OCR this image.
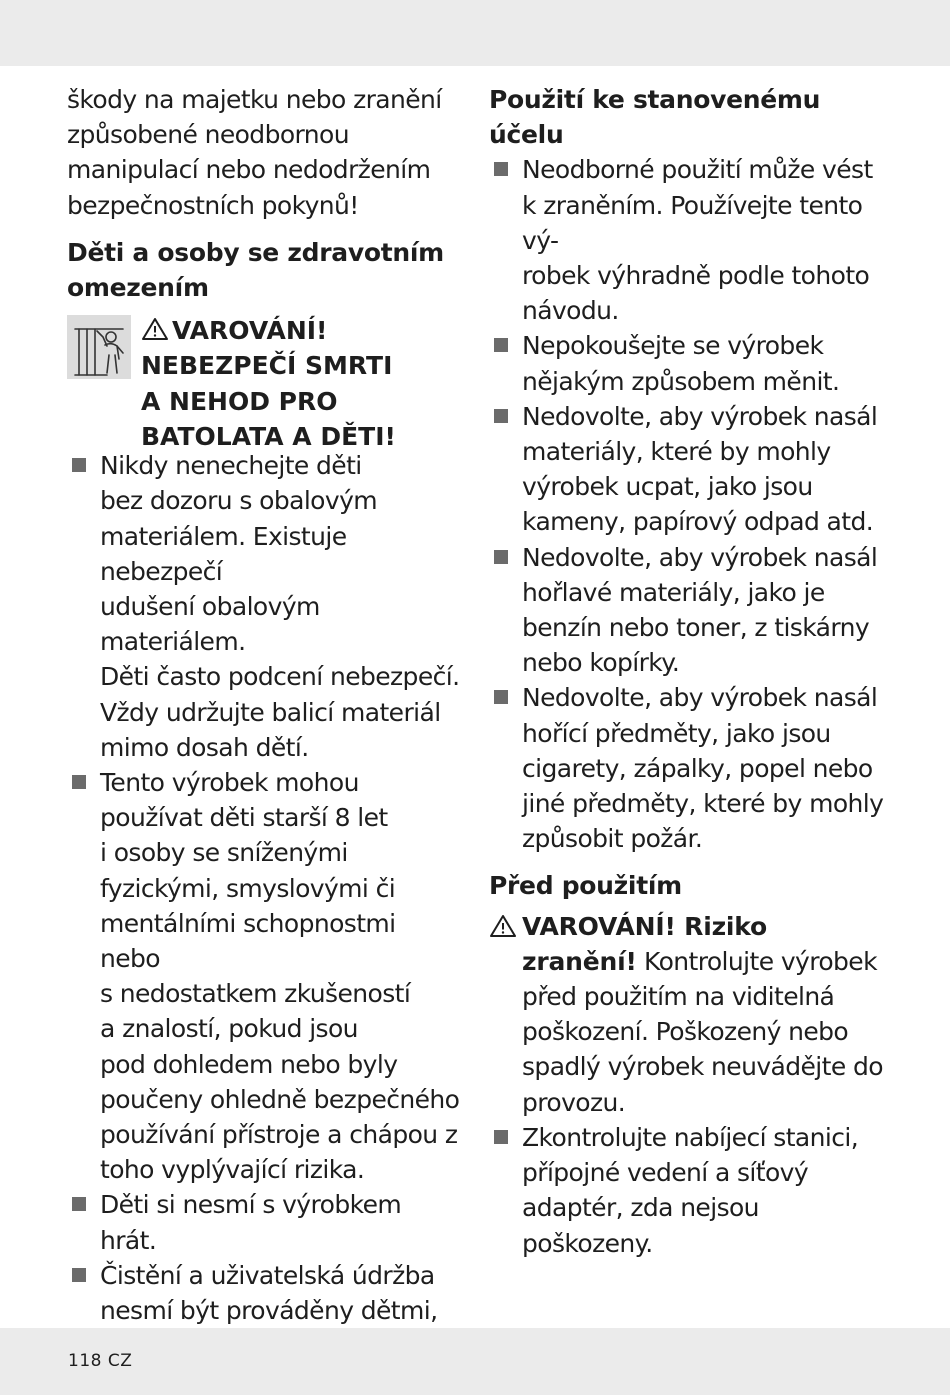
škody na majetku nebo zranění

způsobené neodbornou

manipulací nebo nedodržením

bezpečnostních pokynů!

Děti a osoby se zdravotním

omezením

VAROVÁNÍ!
NEBEZPEČÍ SMRTI
A NEHOD PRO
BATOLATA A DĚTI!
Nikdy nenechejte děti
bez dozoru s obalovým
materiálem. Existuje nebezpečí
udušení obalovým materiálem.
Děti často podcení nebezpečí.
Vždy udržujte balicí materiál
mimo dosah dětí.
Tento výrobek mohou
používat děti starší 8 let
i osoby se sníženými
fyzickými, smyslovými či
mentálními schopnostmi nebo
s nedostatkem zkušeností
a znalostí, pokud jsou
pod dohledem nebo byly
poučeny ohledně bezpečného
používání přístroje a chápou z
toho vyplývající rizika.
Děti si nesmí s výrobkem hrát.
Čistění a uživatelská údržba
nesmí být prováděny dětmi,

Použití ke stanovenému

účelu

Neodborné použití může vést
k zraněním. Používejte tento vý-
robek výhradně podle tohoto
návodu.
Nepokoušejte se výrobek
nějakým způsobem měnit.
Nedovolte, aby výrobek nasál
materiály, které by mohly
výrobek ucpat, jako jsou
kameny, papírový odpad atd.
Nedovolte, aby výrobek nasál
hořlavé materiály, jako je
benzín nebo toner, z tiskárny
nebo kopírky.
Nedovolte, aby výrobek nasál
hořící předměty, jako jsou
cigarety, zápalky, popel nebo
jiné předměty, které by mohly
způsobit požár.

Před použitím

VAROVÁNÍ! Riziko
zranění! Kontrolujte výrobek
před použitím na viditelná
poškození. Poškozený nebo
spadlý výrobek neuvádějte do
provozu.
Zkontrolujte nabíjecí stanici,
přípojné vedení a síťový
adaptér, zda nejsou
poškozeny.
118 CZ
